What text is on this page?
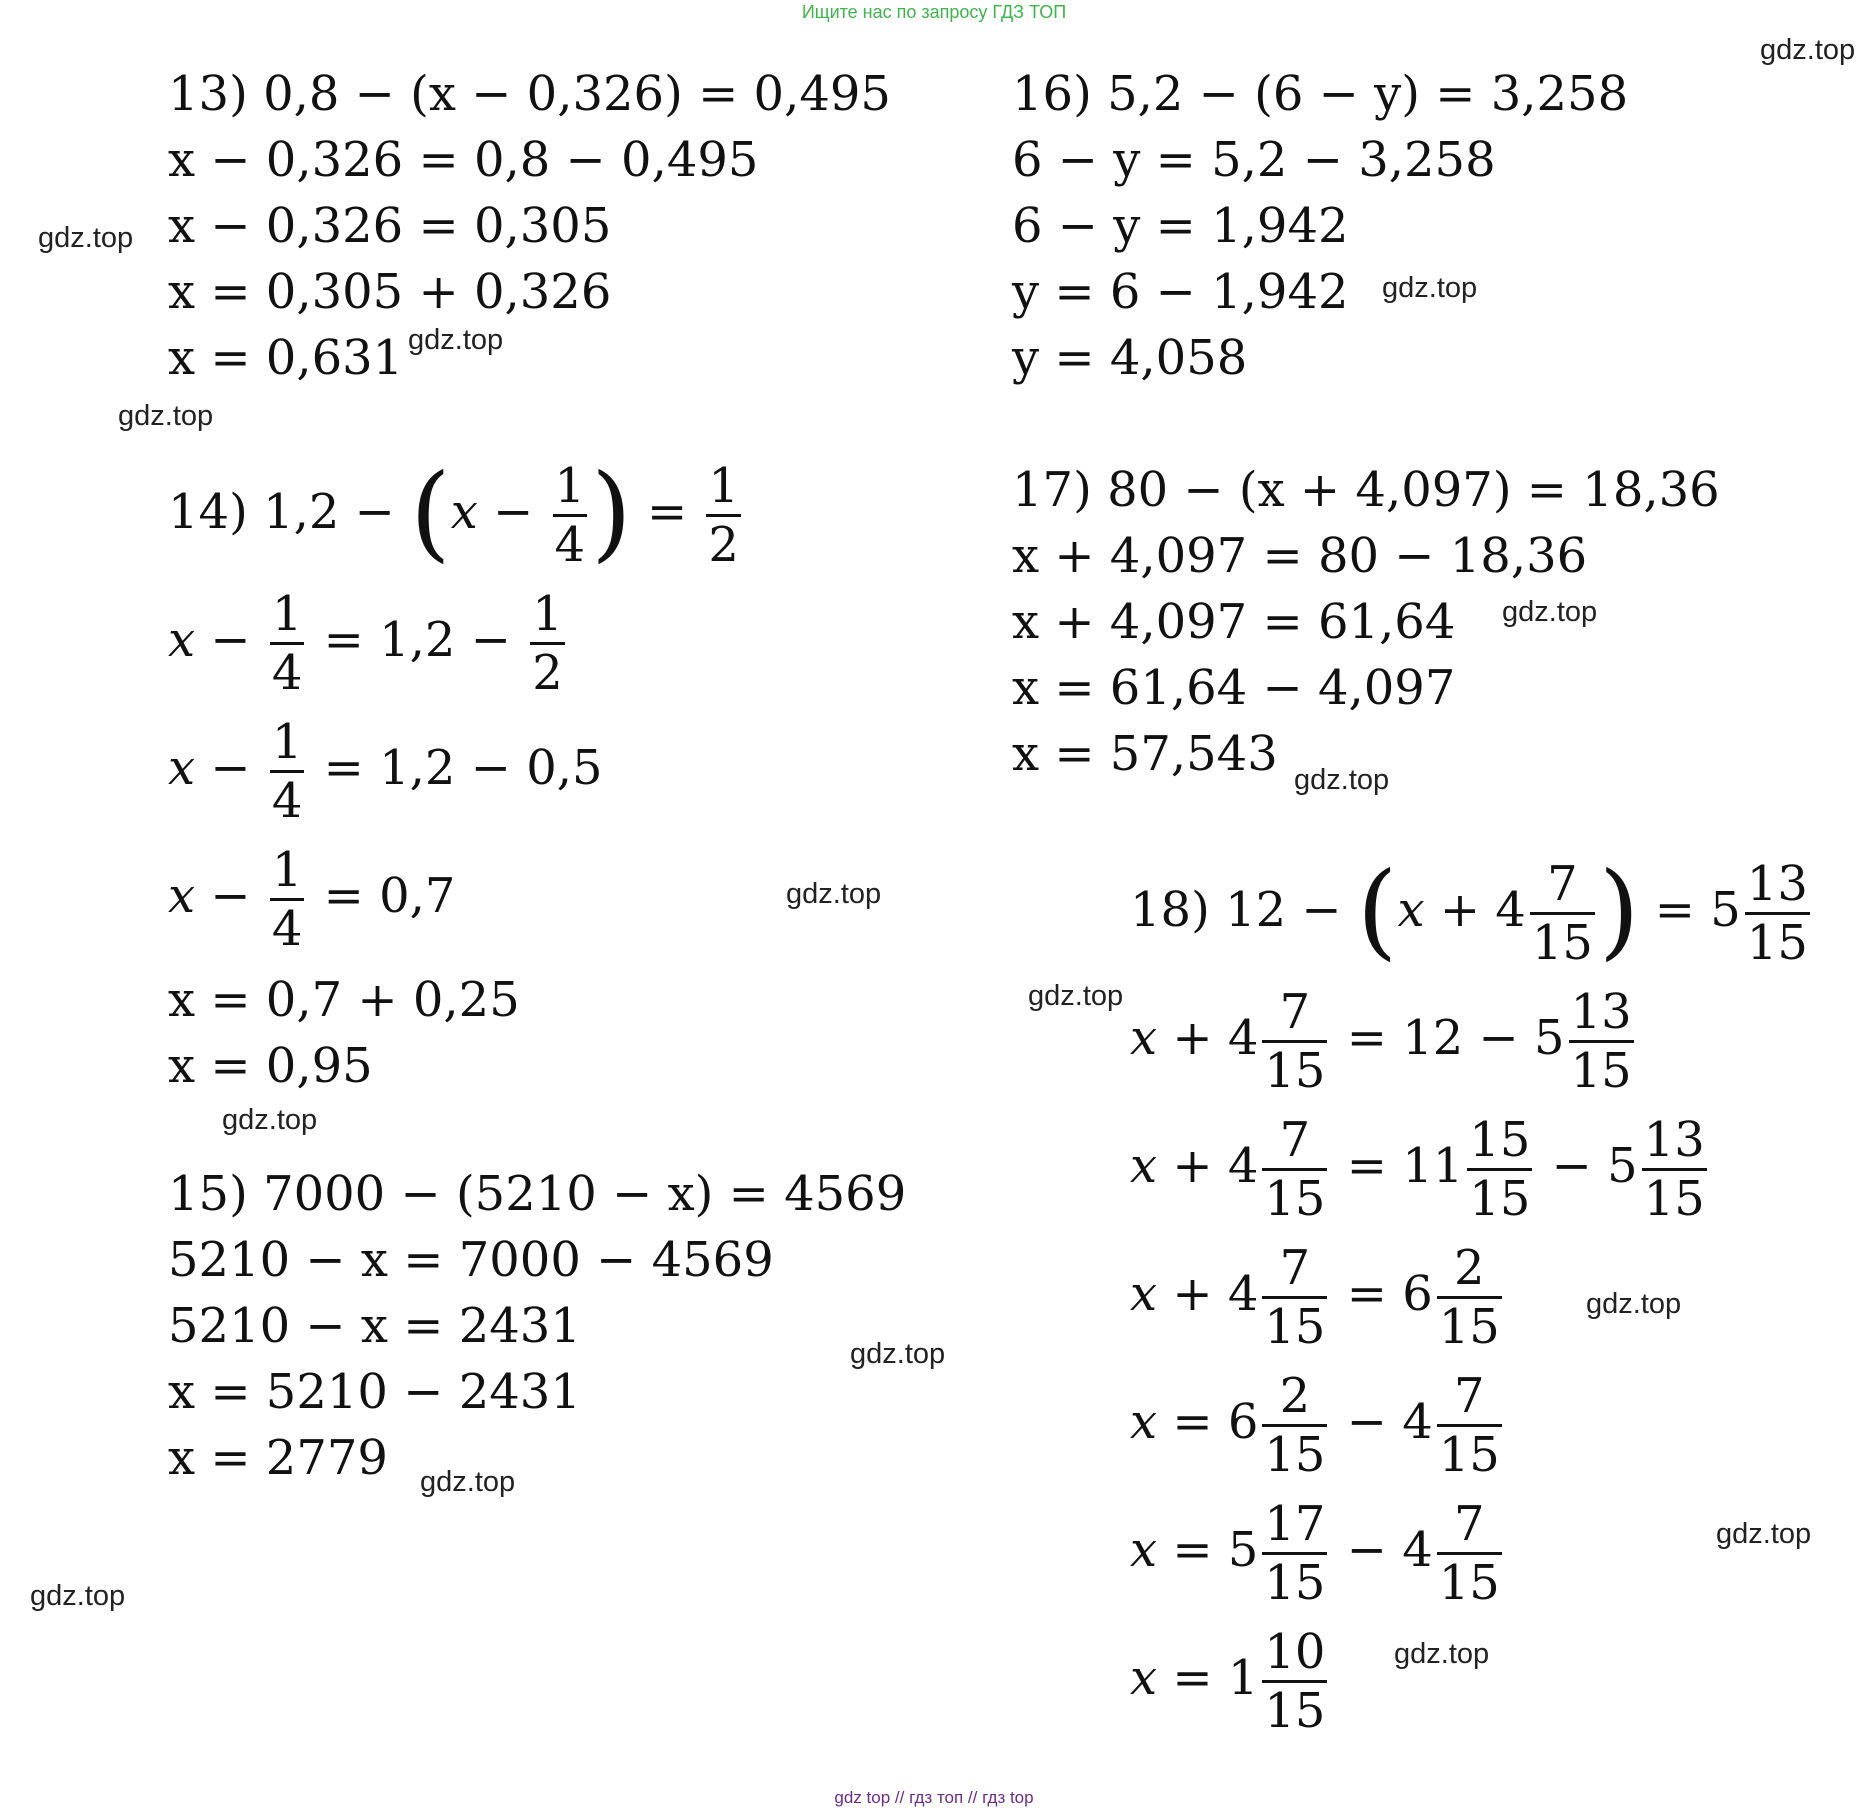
Ищите нас по запросу ГДЗ ТОП
13) 0,8 − (x − 0,326) = 0,495
x − 0,326 = 0,8 − 0,495
x − 0,326 = 0,305
x = 0,305 + 0,326
x = 0,631
14) $1,2 - (x - \frac{1}{4}$ ) = $\frac{1}{2}$
$x - \frac{1}{4} = 1,2 - \frac{1}{2}$
$x - \frac{1}{4} = 1,2 - 0,5$
$x - \frac{1}{4} = 0,7$
x = 0,7 + 0,25
x = 0,95
15) 7000 − (5210 − x) = 4569
5210 − x = 7000 − 4569
5210 − x = 2431
x = 5210 − 2431
x = 2779
16) 5,2 − (6 − y) = 3,258
6 − y = 5,2 − 3,258
6 − y = 1,942
y = 6 − 1,942
y = 4,058
17) 80 − (x + 4,097) = 18,36
x + 4,097 = 80 − 18,36
x + 4,097 = 61,64
x = 61,64 − 4,097
x = 57,543
18) $12 - (x + 4 \frac{7}{15}$ ) = $5 \frac{13}{15}$
$x + 4 \frac{7}{15} = 12 - 5 \frac{13}{15}$
$x + 4 \frac{7}{15} = 11 \frac{15}{15} - 5 \frac{13}{15}$
$x + 4 \frac{7}{15} = 6 \frac{2}{15}$
$x = 6 \frac{2}{15} - 4 \frac{7}{15}$
$x = 5 \frac{17}{15} - 4 \frac{7}{15}$
$x = 1 \frac{10}{15}$
gdz.top
gdz.top
gdz.top
gdz.top
gdz.top
gdz.top
gdz.top
gdz.top
gdz.top
gdz.top
gdz.top
gdz.top
gdz.top
gdz.top
gdz.top
gdz.top
gdz top // гдз топ // гдз top
